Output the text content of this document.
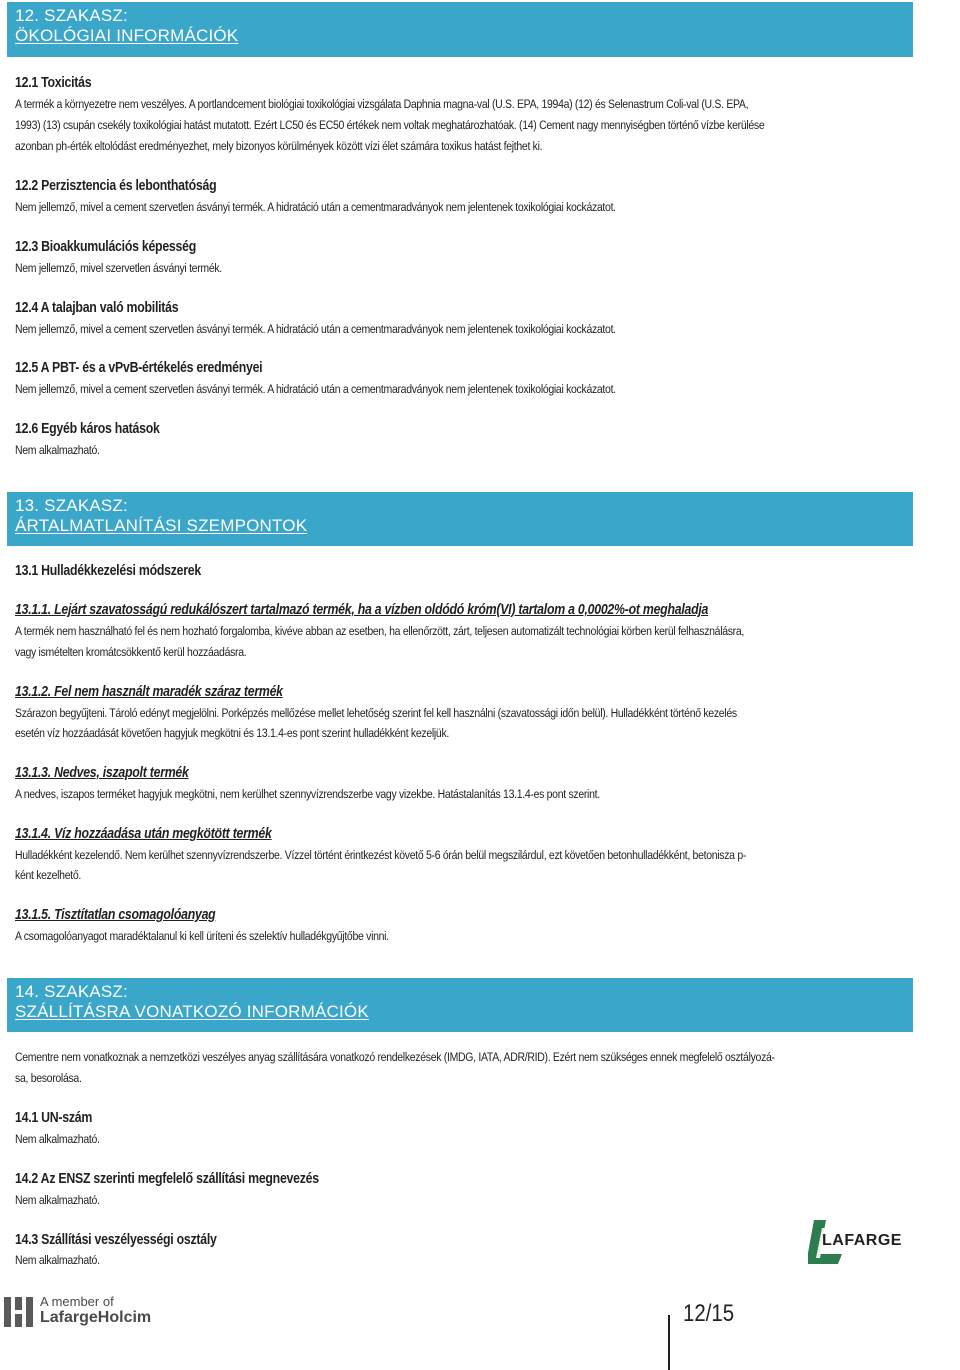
12. SZAKASZ:
ÖKOLÓGIAI INFORMÁCIÓK
12.1 Toxicitás
A termék a környezetre nem veszélyes. A portlandcement biológiai toxikológiai vizsgálata Daphnia magna-val (U.S. EPA, 1994a) (12) és Selenastrum Coli-val (U.S. EPA,
1993) (13) csupán csekély toxikológiai hatást mutatott. Ezért LC50 és EC50 értékek nem voltak meghatározhatóak. (14) Cement nagy mennyiségben történő vízbe kerülése
azonban ph-érték eltolódást eredményezhet, mely bizonyos körülmények között vízi élet számára toxikus hatást fejthet ki.
12.2 Perzisztencia és lebonthatóság
Nem jellemző, mivel a cement szervetlen ásványi termék. A hidratáció után a cementmaradványok nem jelentenek toxikológiai kockázatot.
12.3 Bioakkumulációs képesség
Nem jellemző, mivel szervetlen ásványi termék.
12.4 A talajban való mobilitás
Nem jellemző, mivel a cement szervetlen ásványi termék. A hidratáció után a cementmaradványok nem jelentenek toxikológiai kockázatot.
12.5 A PBT- és a vPvB-értékelés eredményei
Nem jellemző, mivel a cement szervetlen ásványi termék. A hidratáció után a cementmaradványok nem jelentenek toxikológiai kockázatot.
12.6 Egyéb káros hatások
Nem alkalmazható.
13. SZAKASZ:
ÁRTALMATLANÍTÁSI SZEMPONTOK
13.1 Hulladékkezelési módszerek
13.1.1. Lejárt szavatosságú redukálószert tartalmazó termék, ha a vízben oldódó króm(VI) tartalom a 0,0002%-ot meghaladja
A termék nem használható fel és nem hozható forgalomba, kivéve abban az esetben, ha ellenőrzött, zárt, teljesen automatizált technológiai körben kerül felhasználásra,
vagy ismételten kromátcsökkentő kerül hozzáadásra.
13.1.2. Fel nem használt maradék száraz termék
Szárazon begyűjteni. Tároló edényt megjelölni. Porképzés mellőzése mellet lehetőség szerint fel kell használni (szavatossági időn belül). Hulladékként történő kezelés
esetén víz hozzáadását követően hagyjuk megkötni és 13.1.4-es pont szerint hulladékként kezeljük.
13.1.3. Nedves, iszapolt termék
A nedves, iszapos terméket hagyjuk megkötni, nem kerülhet szennyvízrendszerbe vagy vizekbe. Hatástalanítás 13.1.4-es pont szerint.
13.1.4. Víz hozzáadása után megkötött termék
Hulladékként kezelendő. Nem kerülhet szennyvízrendszerbe. Vízzel történt érintkezést követő 5-6 órán belül megszilárdul, ezt követően betonhulladékként, betonisza p-
ként kezelhető.
13.1.5. Tisztítatlan csomagolóanyag
A csomagolóanyagot maradéktalanul ki kell üríteni és szelektív hulladékgyűjtőbe vinni.
14. SZAKASZ:
SZÁLLÍTÁSRA VONATKOZÓ INFORMÁCIÓK
Cementre nem vonatkoznak a nemzetközi veszélyes anyag szállítására vonatkozó rendelkezések (IMDG, IATA, ADR/RID). Ezért nem szükséges ennek megfelelő osztályozá-
sa, besorolása.
14.1 UN-szám
Nem alkalmazható.
14.2 Az ENSZ szerinti megfelelő szállítási megnevezés
Nem alkalmazható.
14.3 Szállítási veszélyességi osztály
Nem alkalmazható.
LAFARGE
A member of
LafargeHolcim	12/15
